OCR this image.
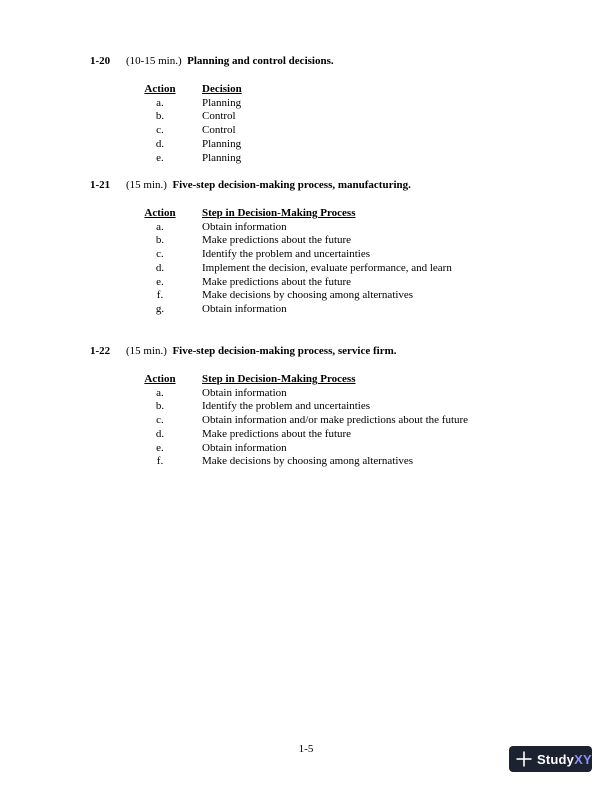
1-20 (10-15 min.) Planning and control decisions.
Action	Decision
a.	Planning
b.	Control
c.	Control
d.	Planning
e.	Planning
1-21 (15 min.) Five-step decision-making process, manufacturing.
Action	Step in Decision-Making Process
a.	Obtain information
b.	Make predictions about the future
c.	Identify the problem and uncertainties
d.	Implement the decision, evaluate performance, and learn
e.	Make predictions about the future
f.	Make decisions by choosing among alternatives
g.	Obtain information
1-22 (15 min.) Five-step decision-making process, service firm.
Action	Step in Decision-Making Process
a.	Obtain information
b.	Identify the problem and uncertainties
c.	Obtain information and/or make predictions about the future
d.	Make predictions about the future
e.	Obtain information
f.	Make decisions by choosing among alternatives
1-5
StudyXY
